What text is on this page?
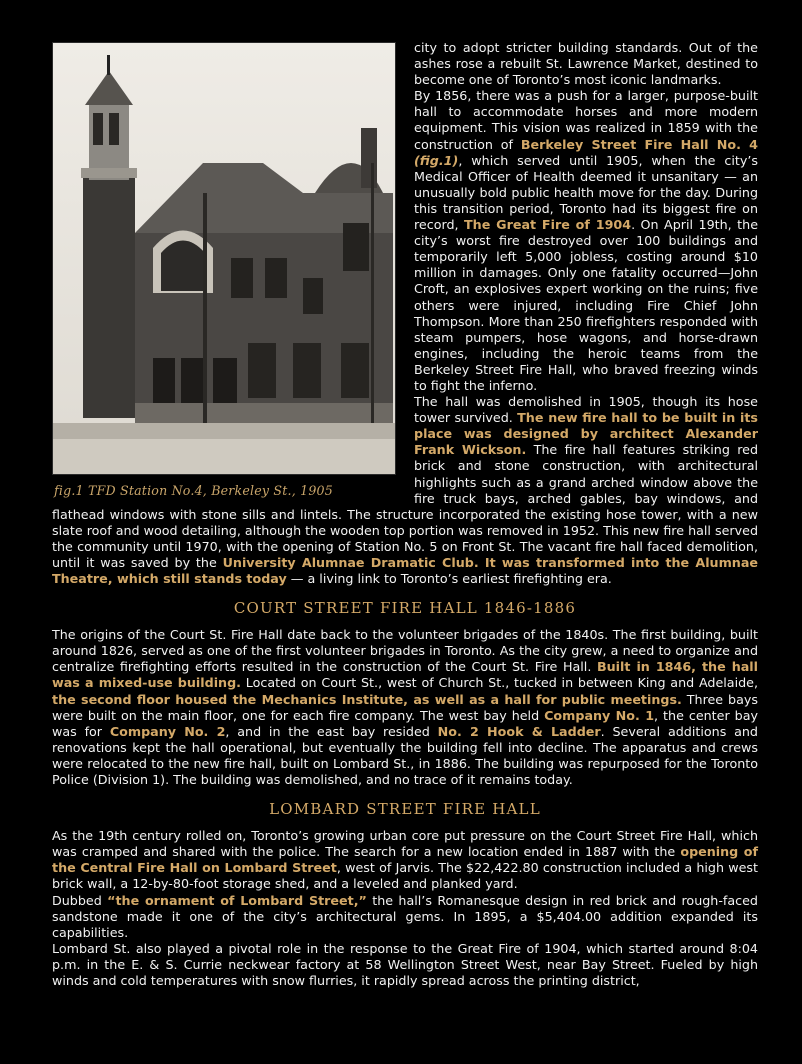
fig.1 TFD Station No.4, Berkeley St., 1905

city to adopt stricter building standards. Out of the ashes rose a rebuilt St. Lawrence Market, destined to become one of Toronto’s most iconic landmarks.

By 1856, there was a push for a larger, purpose-built hall to accommodate horses and more modern equipment. This vision was realized in 1859 with the construction of Berkeley Street Fire Hall No. 4 (fig.1), which served until 1905, when the city’s Medical Officer of Health deemed it unsanitary — an unusually bold public health move for the day. During this transition period, Toronto had its biggest fire on record, The Great Fire of 1904. On April 19th, the city’s worst fire destroyed over 100 buildings and temporarily left 5,000 jobless, costing around $10 million in damages. Only one fatality occurred—John Croft, an explosives expert working on the ruins; five others were injured, including Fire Chief John Thompson. More than 250 firefighters responded with steam pumpers, hose wagons, and horse-drawn engines, including the heroic teams from the Berkeley Street Fire Hall, who braved freezing winds to fight the inferno.

The hall was demolished in 1905, though its hose tower survived. The new fire hall to be built in its place was designed by architect Alexander Frank Wickson. The fire hall features striking red brick and stone construction, with architectural highlights such as a grand arched window above the fire truck bays, arched gables, bay windows, and flathead windows with stone sills and lintels. The structure incorporated the existing hose tower, with a new slate roof and wood detailing, although the wooden top portion was removed in 1952. This new fire hall served the community until 1970, with the opening of Station No. 5 on Front St. The vacant fire hall faced demolition, until it was saved by the University Alumnae Dramatic Club. It was transformed into the Alumnae Theatre, which still stands today — a living link to Toronto’s earliest firefighting era.

COURT STREET FIRE HALL 1846-1886

The origins of the Court St. Fire Hall date back to the volunteer brigades of the 1840s. The first building, built around 1826, served as one of the first volunteer brigades in Toronto. As the city grew, a need to organize and centralize firefighting efforts resulted in the construction of the Court St. Fire Hall. Built in 1846, the hall was a mixed-use building. Located on Court St., west of Church St., tucked in between King and Adelaide, the second floor housed the Mechanics Institute, as well as a hall for public meetings. Three bays were built on the main floor, one for each fire company. The west bay held Company No. 1, the center bay was for Company No. 2, and in the east bay resided No. 2 Hook & Ladder. Several additions and renovations kept the hall operational, but eventually the building fell into decline. The apparatus and crews were relocated to the new fire hall, built on Lombard St., in 1886. The building was repurposed for the Toronto Police (Division 1). The building was demolished, and no trace of it remains today.

LOMBARD STREET FIRE HALL

As the 19th century rolled on, Toronto’s growing urban core put pressure on the Court Street Fire Hall, which was cramped and shared with the police. The search for a new location ended in 1887 with the opening of the Central Fire Hall on Lombard Street, west of Jarvis. The $22,422.80 construction included a high west brick wall, a 12-by-80-foot storage shed, and a leveled and planked yard.

Dubbed “the ornament of Lombard Street,” the hall’s Romanesque design in red brick and rough-faced sandstone made it one of the city’s architectural gems. In 1895, a $5,404.00 addition expanded its capabilities.

Lombard St. also played a pivotal role in the response to the Great Fire of 1904, which started around 8:04 p.m. in the E. & S. Currie neckwear factory at 58 Wellington Street West, near Bay Street. Fueled by high winds and cold temperatures with snow flurries, it rapidly spread across the printing district,
